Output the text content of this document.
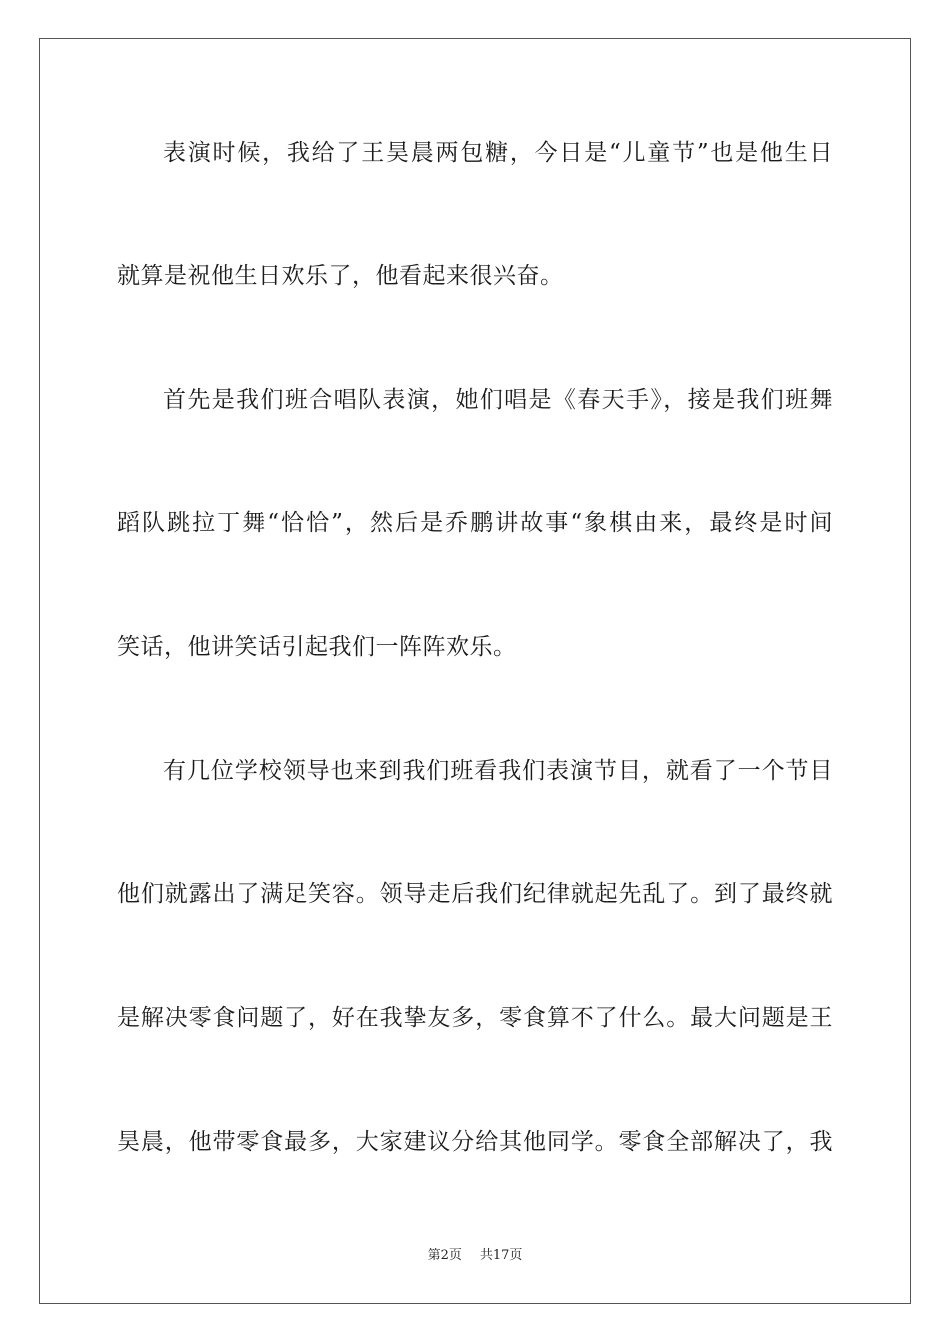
表演时候，我给了王昊晨两包糖，今日是“儿童节”也是他生日
就算是祝他生日欢乐了，他看起来很兴奋。
首先是我们班合唱队表演，她们唱是《春天手》，接是我们班舞
蹈队跳拉丁舞“恰恰”，然后是乔鹏讲故事“象棋由来，最终是时间
笑话，他讲笑话引起我们一阵阵欢乐。
有几位学校领导也来到我们班看我们表演节目，就看了一个节目
他们就露出了满足笑容。领导走后我们纪律就起先乱了。到了最终就
是解决零食问题了，好在我挚友多，零食算不了什么。最大问题是王
昊晨，他带零食最多，大家建议分给其他同学。零食全部解决了，我
第2页 共17页
